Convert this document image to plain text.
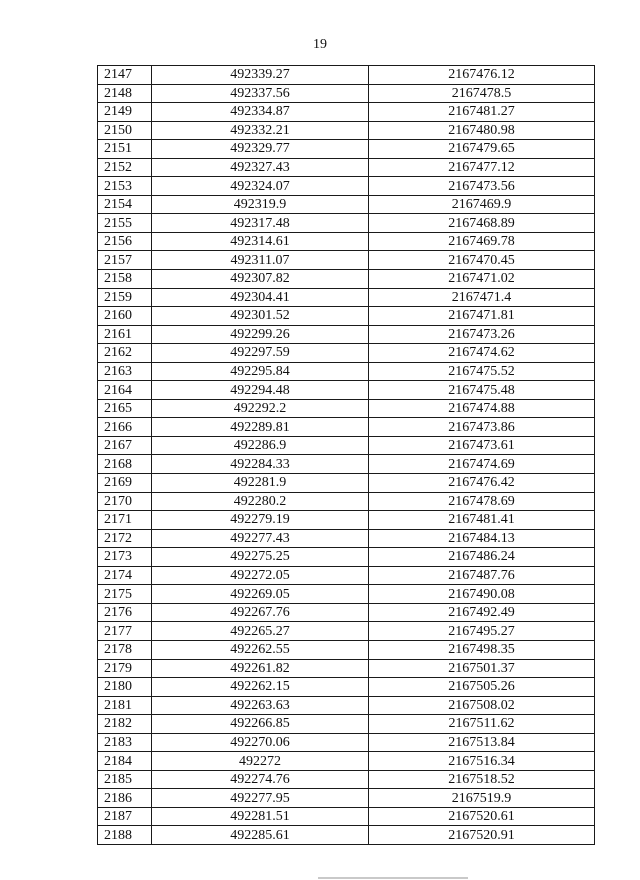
19
2147	492339.27	2167476.12
2148	492337.56	2167478.5
2149	492334.87	2167481.27
2150	492332.21	2167480.98
2151	492329.77	2167479.65
2152	492327.43	2167477.12
2153	492324.07	2167473.56
2154	492319.9	2167469.9
2155	492317.48	2167468.89
2156	492314.61	2167469.78
2157	492311.07	2167470.45
2158	492307.82	2167471.02
2159	492304.41	2167471.4
2160	492301.52	2167471.81
2161	492299.26	2167473.26
2162	492297.59	2167474.62
2163	492295.84	2167475.52
2164	492294.48	2167475.48
2165	492292.2	2167474.88
2166	492289.81	2167473.86
2167	492286.9	2167473.61
2168	492284.33	2167474.69
2169	492281.9	2167476.42
2170	492280.2	2167478.69
2171	492279.19	2167481.41
2172	492277.43	2167484.13
2173	492275.25	2167486.24
2174	492272.05	2167487.76
2175	492269.05	2167490.08
2176	492267.76	2167492.49
2177	492265.27	2167495.27
2178	492262.55	2167498.35
2179	492261.82	2167501.37
2180	492262.15	2167505.26
2181	492263.63	2167508.02
2182	492266.85	2167511.62
2183	492270.06	2167513.84
2184	492272	2167516.34
2185	492274.76	2167518.52
2186	492277.95	2167519.9
2187	492281.51	2167520.61
2188	492285.61	2167520.91
